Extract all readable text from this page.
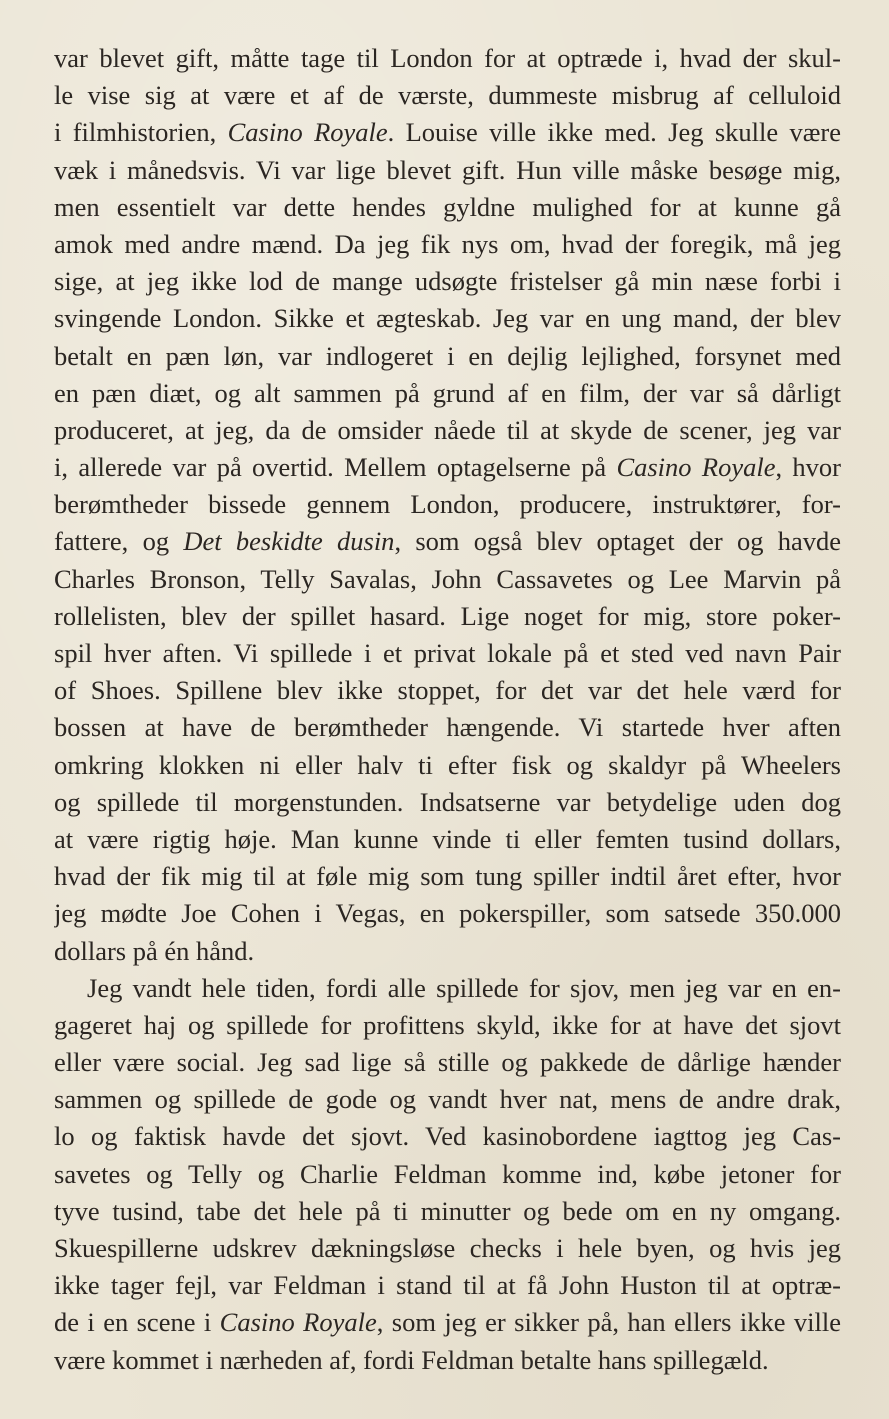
var blevet gift, måtte tage til London for at optræde i, hvad der skul-
le vise sig at være et af de værste, dummeste misbrug af celluloid
i filmhistorien, Casino Royale. Louise ville ikke med. Jeg skulle være
væk i månedsvis. Vi var lige blevet gift. Hun ville måske besøge mig,
men essentielt var dette hendes gyldne mulighed for at kunne gå
amok med andre mænd. Da jeg fik nys om, hvad der foregik, må jeg
sige, at jeg ikke lod de mange udsøgte fristelser gå min næse forbi i
svingende London. Sikke et ægteskab. Jeg var en ung mand, der blev
betalt en pæn løn, var indlogeret i en dejlig lejlighed, forsynet med
en pæn diæt, og alt sammen på grund af en film, der var så dårligt
produceret, at jeg, da de omsider nåede til at skyde de scener, jeg var
i, allerede var på overtid. Mellem optagelserne på Casino Royale, hvor
berømtheder bissede gennem London, producere, instruktører, for-
fattere, og Det beskidte dusin, som også blev optaget der og havde
Charles Bronson, Telly Savalas, John Cassavetes og Lee Marvin på
rollelisten, blev der spillet hasard. Lige noget for mig, store poker-
spil hver aften. Vi spillede i et privat lokale på et sted ved navn Pair
of Shoes. Spillene blev ikke stoppet, for det var det hele værd for
bossen at have de berømtheder hængende. Vi startede hver aften
omkring klokken ni eller halv ti efter fisk og skaldyr på Wheelers
og spillede til morgenstunden. Indsatserne var betydelige uden dog
at være rigtig høje. Man kunne vinde ti eller femten tusind dollars,
hvad der fik mig til at føle mig som tung spiller indtil året efter, hvor
jeg mødte Joe Cohen i Vegas, en pokerspiller, som satsede 350.000
dollars på én hånd.
Jeg vandt hele tiden, fordi alle spillede for sjov, men jeg var en en-
gageret haj og spillede for profittens skyld, ikke for at have det sjovt
eller være social. Jeg sad lige så stille og pakkede de dårlige hænder
sammen og spillede de gode og vandt hver nat, mens de andre drak,
lo og faktisk havde det sjovt. Ved kasinobordene iagttog jeg Cas-
savetes og Telly og Charlie Feldman komme ind, købe jetoner for
tyve tusind, tabe det hele på ti minutter og bede om en ny omgang.
Skuespillerne udskrev dækningsløse checks i hele byen, og hvis jeg
ikke tager fejl, var Feldman i stand til at få John Huston til at optræ-
de i en scene i Casino Royale, som jeg er sikker på, han ellers ikke ville
være kommet i nærheden af, fordi Feldman betalte hans spillegæld.
